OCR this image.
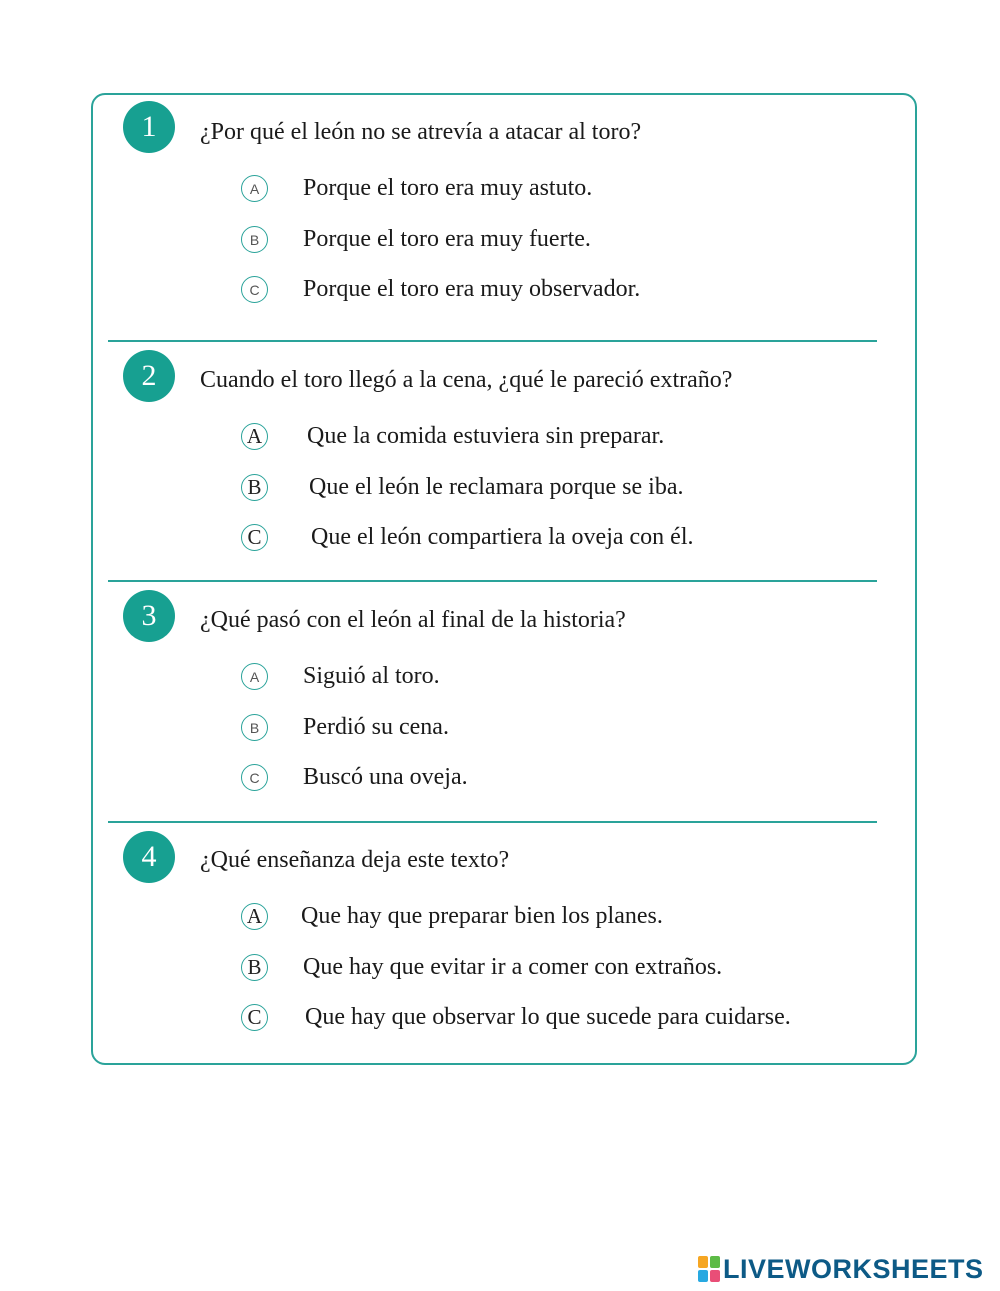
1	¿Por qué el león no se atrevía a atacar al toro?
A	Porque el toro era muy astuto.
B	Porque el toro era muy fuerte.
C	Porque el toro era muy observador.
2	Cuando el toro llegó a la cena, ¿qué le pareció extraño?
A Que la comida estuviera sin preparar.
B Que el león le reclamara porque se iba.
C Que el león compartiera la oveja con él.
3	¿Qué pasó con el león al final de la historia?
A	Siguió al toro.
B	Perdió su cena.
C	Buscó una oveja.
4	¿Qué enseñanza deja este texto?
A Que hay que preparar bien los planes.
B Que hay que evitar ir a comer con extraños.
C Que hay que observar lo que sucede para cuidarse.
LIVEWORKSHEETS
